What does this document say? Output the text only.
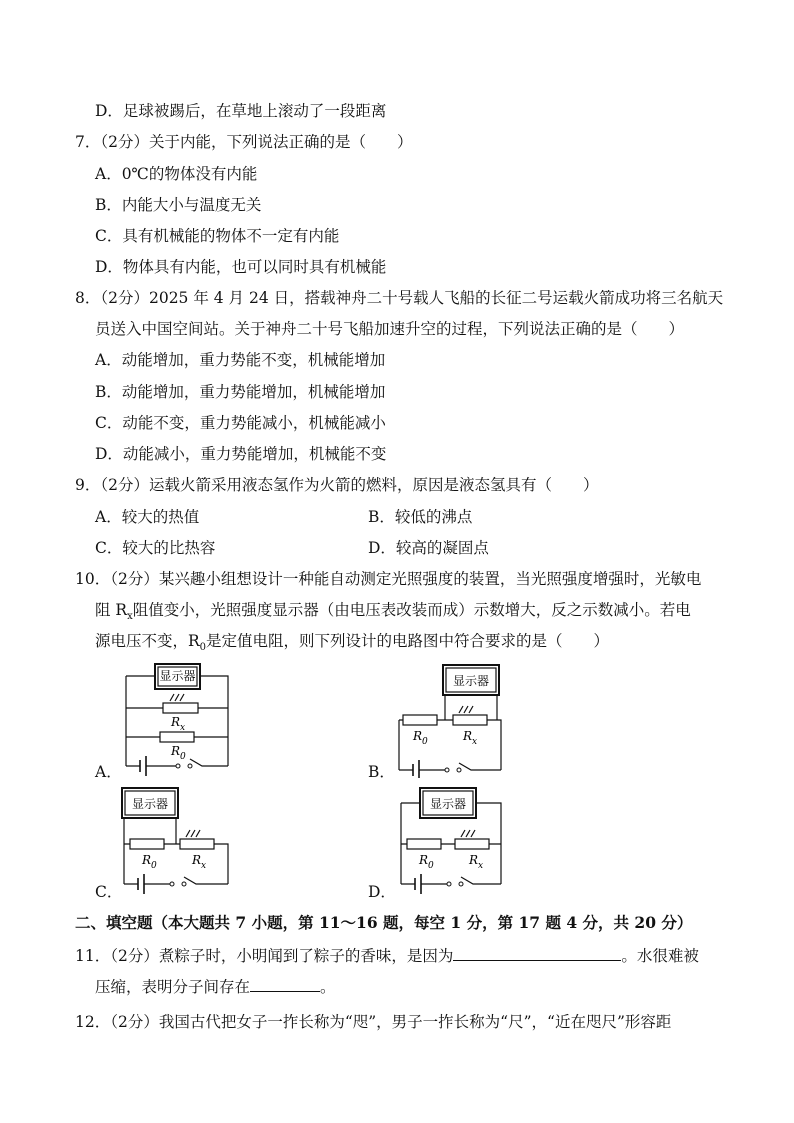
D．足球被踢后，在草地上滚动了一段距离
7．（2分）关于内能，下列说法正确的是（　　）
A．0℃的物体没有内能
B．内能大小与温度无关
C．具有机械能的物体不一定有内能
D．物体具有内能，也可以同时具有机械能
8．（2分）2025 年 4 月 24 日，搭载神舟二十号载人飞船的长征二号运载火箭成功将三名航天
员送入中国空间站。关于神舟二十号飞船加速升空的过程，下列说法正确的是（　　）
A．动能增加，重力势能不变，机械能增加
B．动能增加，重力势能增加，机械能增加
C．动能不变，重力势能减小，机械能减小
D．动能减小，重力势能增加，机械能不变
9．（2分）运载火箭采用液态氢作为火箭的燃料，原因是液态氢具有（　　）
A．较大的热值	B．较低的沸点
C．较大的比热容	D．较高的凝固点
10．（2分）某兴趣小组想设计一种能自动测定光照强度的装置，当光照强度增强时，光敏电
阻 $R_x$阻值变小，光照强度显示器（由电压表改装而成）示数增大，反之示数减小。若电
源电压不变，$R_0$是定值电阻，则下列设计的电路图中符合要求的是（　　）
A．
显示器
$R_x$
$R_0$
B．
显示器
$R_0$	$R_x$
C．
显示器
$R_0$	$R_x$
D．
显示器
$R_0$	$R_x$
二、填空题（本大题共 7 小题，第 11～16 题，每空 1 分，第 17 题 4 分，共 20 分）
11．（2分）煮粽子时，小明闻到了粽子的香味，是因为	。水很难被
压缩，表明分子间存在	。
12．（2分）我国古代把女子一拃长称为“咫”，男子一拃长称为“尺”，“近在咫尺”形容距
